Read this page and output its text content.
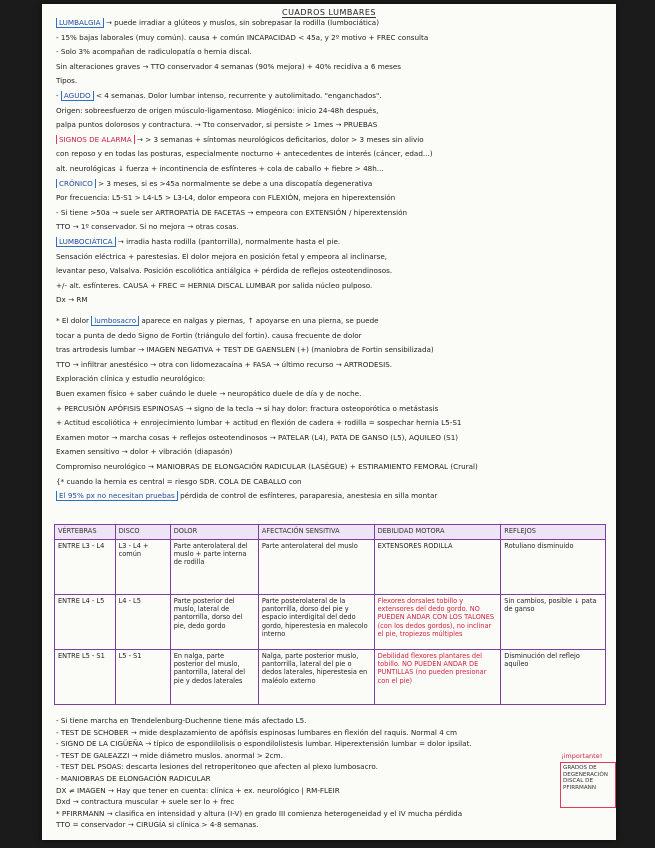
CUADROS LUMBARES
LUMBALGIA → puede irradiar a glúteos y muslos, sin sobrepasar la rodilla (lumbociática)
- 15% bajas laborales (muy común). causa + común INCAPACIDAD < 45a, y 2º motivo + FREC consulta
- Solo 3% acompañan de radiculopatía o hernia discal.
Sin alteraciones graves → TTO conservador 4 semanas (90% mejora) + 40% recidiva a 6 meses
Tipos.
- AGUDO < 4 semanas. Dolor lumbar intenso, recurrente y autolimitado. "enganchados".
Origen: sobreesfuerzo de origen músculo-ligamentoso. Miogénico: inicio 24-48h después,
palpa puntos dolorosos y contractura. → Tto conservador, si persiste > 1mes → PRUEBAS
SIGNOS DE ALARMA → > 3 semanas + síntomas neurológicos deficitarios, dolor > 3 meses sin alivio
con reposo y en todas las posturas, especialmente nocturno + antecedentes de interés (cáncer, edad...)
alt. neurológicas ↓ fuerza + incontinencia de esfínteres + cola de caballo + fiebre > 48h...
CRÓNICO > 3 meses, si es >45a normalmente se debe a una discopatía degenerativa
Por frecuencia: L5-S1 > L4-L5 > L3-L4, dolor empeora con FLEXIÓN, mejora en hiperextensión
- Si tiene >50a → suele ser ARTROPATÍA DE FACETAS → empeora con EXTENSIÓN / hiperextensión
TTO → 1º conservador. Si no mejora → otras cosas.
LUMBOCIÁTICA → irradia hasta rodilla (pantorrilla), normalmente hasta el pie.
Sensación eléctrica + parestesias. El dolor mejora en posición fetal y empeora al inclinarse,
levantar peso, Valsalva. Posición escoliótica antiálgica + pérdida de reflejos osteotendinosos.
+/- alt. esfínteres. CAUSA + FREC = HERNIA DISCAL LUMBAR por salida núcleo pulposo.
Dx → RM
* El dolor lumbosacro aparece en nalgas y piernas, ↑ apoyarse en una pierna, se puede
tocar a punta de dedo Signo de Fortin (triángulo del fortin). causa frecuente de dolor
tras artrodesis lumbar → IMAGEN NEGATIVA + TEST DE GAENSLEN (+) (maniobra de Fortin sensibilizada)
TTO → infiltrar anestésico → otra con lidomezacaína + FASA → último recurso → ARTRODESIS.
Exploración clínica y estudio neurológico:
Buen examen físico + saber cuándo le duele → neuropático duele de día y de noche.
+ PERCUSIÓN APÓFISIS ESPINOSAS → signo de la tecla → si hay dolor: fractura osteoporótica o metástasis
+ Actitud escoliótica + enrojecimiento lumbar + actitud en flexión de cadera + rodilla = sospechar hernia L5-S1
Examen motor → marcha cosas + reflejos osteotendinosos → PATELAR (L4), PATA DE GANSO (L5), AQUILEO (S1)
Examen sensitivo → dolor + vibración (diapasón)
Compromiso neurológico → MANIOBRAS DE ELONGACIÓN RADICULAR (LASÈGUE) + ESTIRAMIENTO FEMORAL (Crural)
{* cuando la hernia es central = riesgo SDR. COLA DE CABALLO con
El 95% px no necesitan pruebas pérdida de control de esfínteres, paraparesia, anestesia en silla montar
VÉRTEBRAS	DISCO	DOLOR	AFECTACIÓN SENSITIVA	DEBILIDAD MOTORA	REFLEJOS
ENTRE L3 - L4	L3 - L4 + común	Parte anterolateral del muslo + parte interna de rodilla	Parte anterolateral del muslo	EXTENSORES RODILLA	Rotuliano disminuido
ENTRE L4 - L5	L4 - L5	Parte posterior del muslo, lateral de pantorrilla, dorso del pie, dedo gordo	Parte posterolateral de la pantorrilla, dorso del pie y espacio interdigital del dedo gordo, hiperestesia en malecolo interno	Flexores dorsales tobillo y extensores del dedo gordo. NO PUEDEN ANDAR CON LOS TALONES (con los dedos gordos), no inclinar el pie, tropiezos múltiples	Sin cambios, posible ↓ pata de ganso
ENTRE L5 - S1	L5 - S1	En nalga, parte posterior del muslo, pantorrilla, lateral del pie y dedos laterales	Nalga, parte posterior muslo, pantorrilla, lateral del pie o dedos laterales, hiperestesia en maléolo externo	Debilidad flexores plantares del tobillo. NO PUEDEN ANDAR DE PUNTILLAS (no pueden presionar con el pie)	Disminución del reflejo aquíleo
- Si tiene marcha en Trendelenburg-Duchenne tiene más afectado L5.
- TEST DE SCHOBER → mide desplazamiento de apófisis espinosas lumbares en flexión del raquis. Normal 4 cm
- SIGNO DE LA CIGÜEÑA → típico de espondilolisis o espondilolistesis lumbar. Hiperextensión lumbar = dolor ipsilat.
- TEST DE GALEAZZI → mide diámetro muslos. anormal > 2cm.
- TEST DEL PSOAS: descarta lesiones del retroperitoneo que afecten al plexo lumbosacro.
- MANIOBRAS DE ELONGACIÓN RADICULAR
DX ≠ IMAGEN → Hay que tener en cuenta: clínica + ex. neurológico | RM-FLEIR
Dxd → contractura muscular + suele ser lo + frec
* PFIRRMANN → clasifica en intensidad y altura (I-V) en grado III comienza heterogeneidad y el IV mucha pérdida
TTO = conservador → CIRUGÍA si clínica > 4-8 semanas.
¡importante!
GRADOS DE DEGENERACIÓN DISCAL DE PFIRRMANN
